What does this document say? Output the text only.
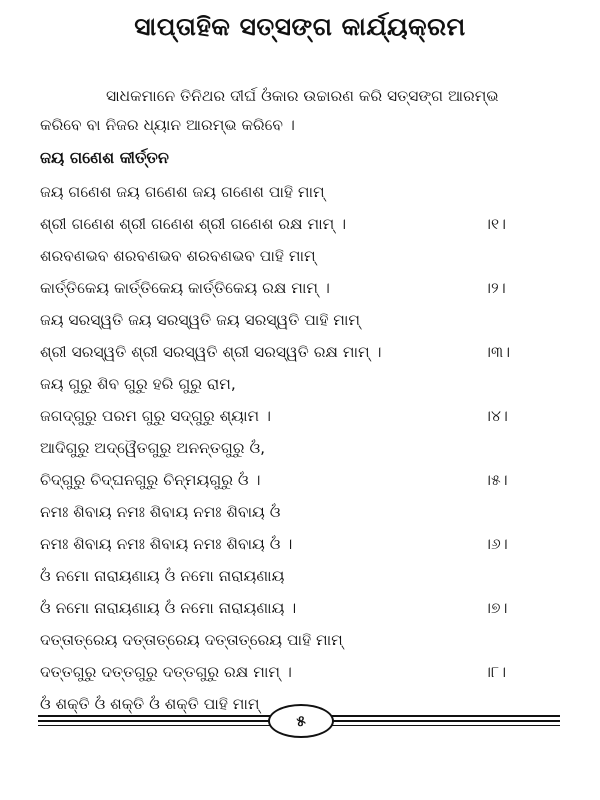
ସାପ୍ତାହିକ ସତ୍‌ସଙ୍ଗ କାର୍ଯ୍ୟକ୍ରମ
ସାଧକମାନେ ତିନିଥର ଦୀର୍ଘ ଓଁକାର ଉଚ୍ଚାରଣ କରି ସତ୍‌ସଙ୍ଗ ଆରମ୍ଭ
କରିବେ ବା ନିଜର ଧ୍ୟାନ ଆରମ୍ଭ କରିବେ ।
ଜୟ ଗଣେଶ କୀର୍ତ୍ତନ
ଜୟ ଗଣେଶ ଜୟ ଗଣେଶ ଜୟ ଗଣେଶ ପାହି ମାମ୍
ଶ୍ରୀ ଗଣେଶ ଶ୍ରୀ ଗଣେଶ ଶ୍ରୀ ଗଣେଶ ରକ୍ଷ ମାମ୍ ।	।୧।
ଶରବଣଭବ ଶରବଣଭବ ଶରବଣଭବ ପାହି ମାମ୍
କାର୍ତ୍ତିକେୟ କାର୍ତ୍ତିକେୟ କାର୍ତ୍ତିକେୟ ରକ୍ଷ ମାମ୍ ।	।୨।
ଜୟ ସରସ୍ୱତି ଜୟ ସରସ୍ୱତି ଜୟ ସରସ୍ୱତି ପାହି ମାମ୍
ଶ୍ରୀ ସରସ୍ୱତି ଶ୍ରୀ ସରସ୍ୱତି ଶ୍ରୀ ସରସ୍ୱତି ରକ୍ଷ ମାମ୍ ।	।୩।
ଜୟ ଗୁରୁ ଶିବ ଗୁରୁ ହରି ଗୁରୁ ରାମ,
ଜଗଦ୍‌ଗୁରୁ ପରମ ଗୁରୁ ସଦ୍‌ଗୁରୁ ଶ୍ୟାମ ।	।୪।
ଆଦିଗୁରୁ ଅଦ୍ୱୈତଗୁରୁ ଅନନ୍ତଗୁରୁ ଓଁ,
ଚିଦ୍‌ଗୁରୁ ଚିଦ୍‌ଘନଗୁରୁ ଚିନ୍ମୟଗୁରୁ ଓଁ ।	।୫।
ନମଃ ଶିବାୟ ନମଃ ଶିବାୟ ନମଃ ଶିବାୟ ଓଁ
ନମଃ ଶିବାୟ ନମଃ ଶିବାୟ ନମଃ ଶିବାୟ ଓଁ ।	।୬।
ଓଁ ନମୋ ନାରାୟଣାୟ ଓଁ ନମୋ ନାରାୟଣାୟ
ଓଁ ନମୋ ନାରାୟଣାୟ ଓଁ ନମୋ ନାରାୟଣାୟ ।	।୭।
ଦତ୍ତାତ୍ରେୟ ଦତ୍ତାତ୍ରେୟ ଦତ୍ତାତ୍ରେୟ ପାହି ମାମ୍
ଦତ୍ତଗୁରୁ ଦତ୍ତଗୁରୁ ଦତ୍ତଗୁରୁ ରକ୍ଷ ମାମ୍ ।	।୮।
ଓଁ ଶକ୍ତି ଓଁ ଶକ୍ତି ଓଁ ଶକ୍ତି ପାହି ମାମ୍
୫
